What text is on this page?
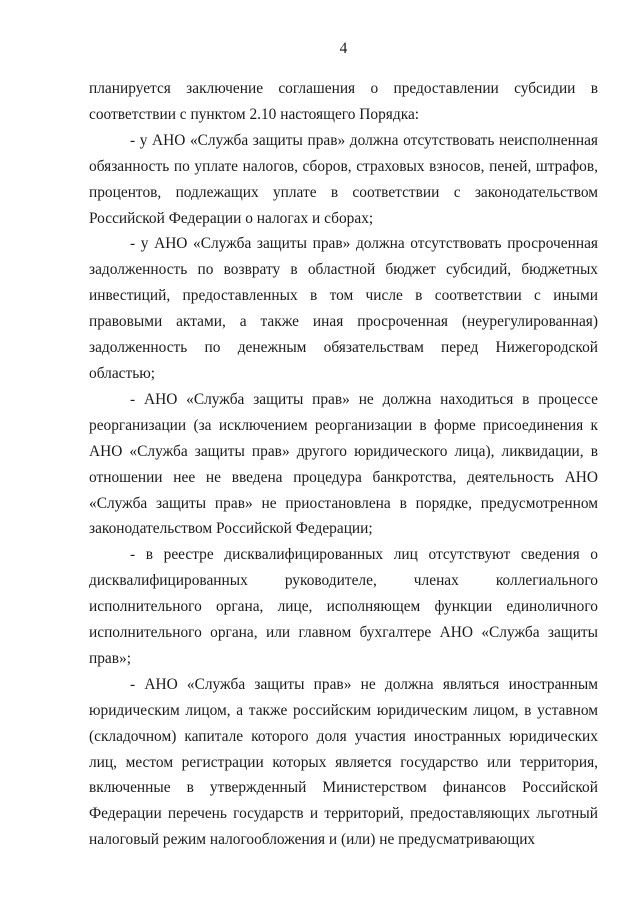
4

планируется заключение соглашения о предоставлении субсидии в соответствии с пунктом 2.10 настоящего Порядка:

- у АНО «Служба защиты прав» должна отсутствовать неисполненная обязанность по уплате налогов, сборов, страховых взносов, пеней, штрафов, процентов, подлежащих уплате в соответствии с законодательством Российской Федерации о налогах и сборах;

- у АНО «Служба защиты прав» должна отсутствовать просроченная задолженность по возврату в областной бюджет субсидий, бюджетных инвестиций, предоставленных в том числе в соответствии с иными правовыми актами, а также иная просроченная (неурегулированная) задолженность по денежным обязательствам перед Нижегородской областью;

- АНО «Служба защиты прав» не должна находиться в процессе реорганизации (за исключением реорганизации в форме присоединения к АНО «Служба защиты прав» другого юридического лица), ликвидации, в отношении нее не введена процедура банкротства, деятельность АНО «Служба защиты прав» не приостановлена в порядке, предусмотренном законодательством Российской Федерации;

- в реестре дисквалифицированных лиц отсутствуют сведения о дисквалифицированных руководителе, членах коллегиального исполнительного органа, лице, исполняющем функции единоличного исполнительного органа, или главном бухгалтере АНО «Служба защиты прав»;

- АНО «Служба защиты прав» не должна являться иностранным юридическим лицом, а также российским юридическим лицом, в уставном (складочном) капитале которого доля участия иностранных юридических лиц, местом регистрации которых является государство или территория, включенные в утвержденный Министерством финансов Российской Федерации перечень государств и территорий, предоставляющих льготный налоговый режим налогообложения и (или) не предусматривающих
